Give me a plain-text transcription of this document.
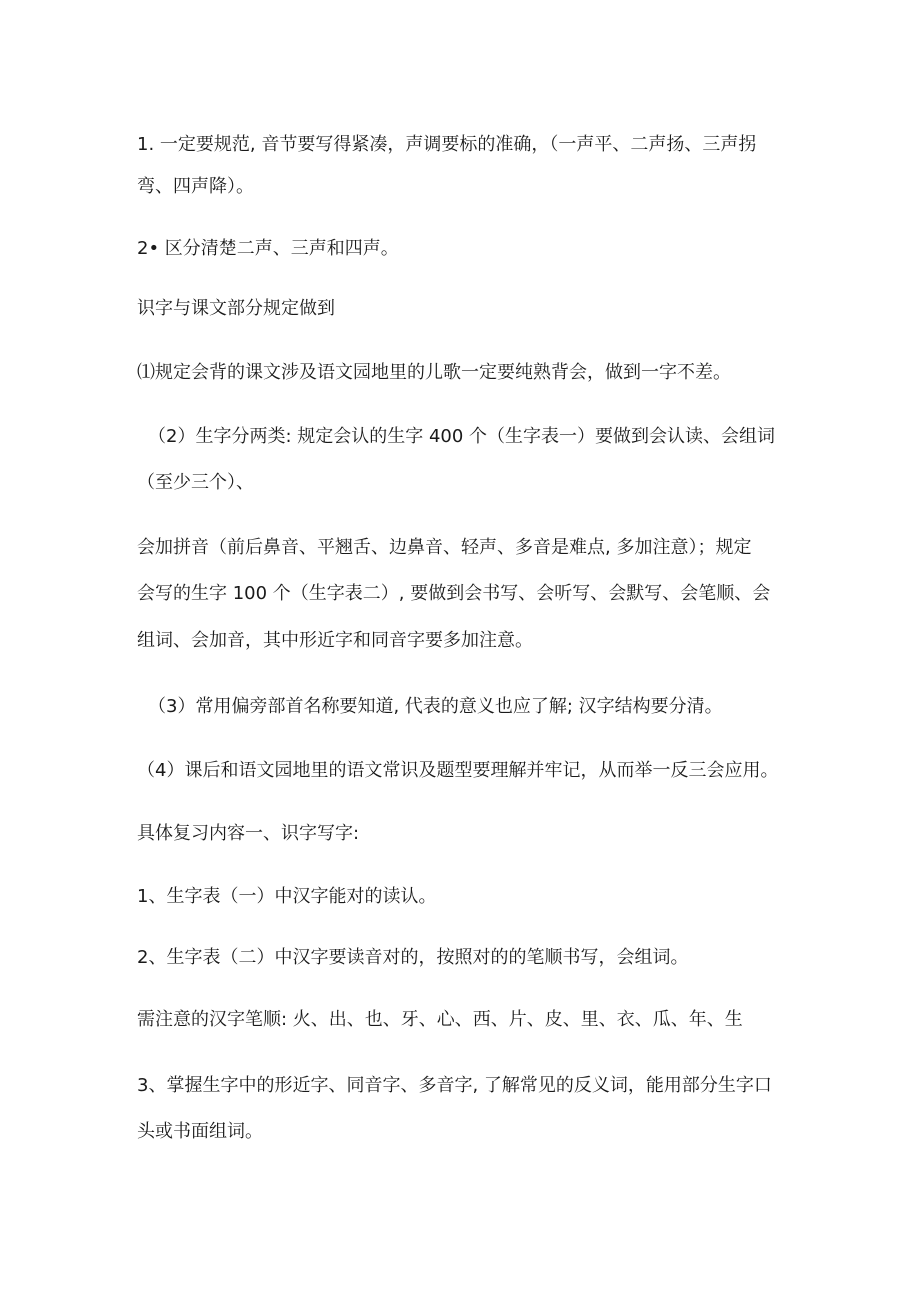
1. 一定要规范, 音节要写得紧凑，声调要标的准确，（一声平、二声扬、三声拐

弯、四声降）。

2• 区分清楚二声、三声和四声。

识字与课文部分规定做到

⑴规定会背的课文涉及语文园地里的儿歌一定要纯熟背会，做到一字不差。

（2）生字分两类: 规定会认的生字 400 个（生字表一）要做到会认读、会组词

（至少三个）、

会加拼音（前后鼻音、平翘舌、边鼻音、轻声、多音是难点, 多加注意）；规定

会写的生字 100 个（生字表二）, 要做到会书写、会听写、会默写、会笔顺、会

组词、会加音，其中形近字和同音字要多加注意。

（3）常用偏旁部首名称要知道, 代表的意义也应了解; 汉字结构要分清。

（4）课后和语文园地里的语文常识及题型要理解并牢记，从而举一反三会应用。

具体复习内容一、识字写字:

1、生字表（一）中汉字能对的读认。

2、生字表（二）中汉字要读音对的，按照对的的笔顺书写，会组词。

需注意的汉字笔顺: 火、出、也、牙、心、西、片、皮、里、衣、瓜、年、生

3、掌握生字中的形近字、同音字、多音字, 了解常见的反义词，能用部分生字口

头或书面组词。
